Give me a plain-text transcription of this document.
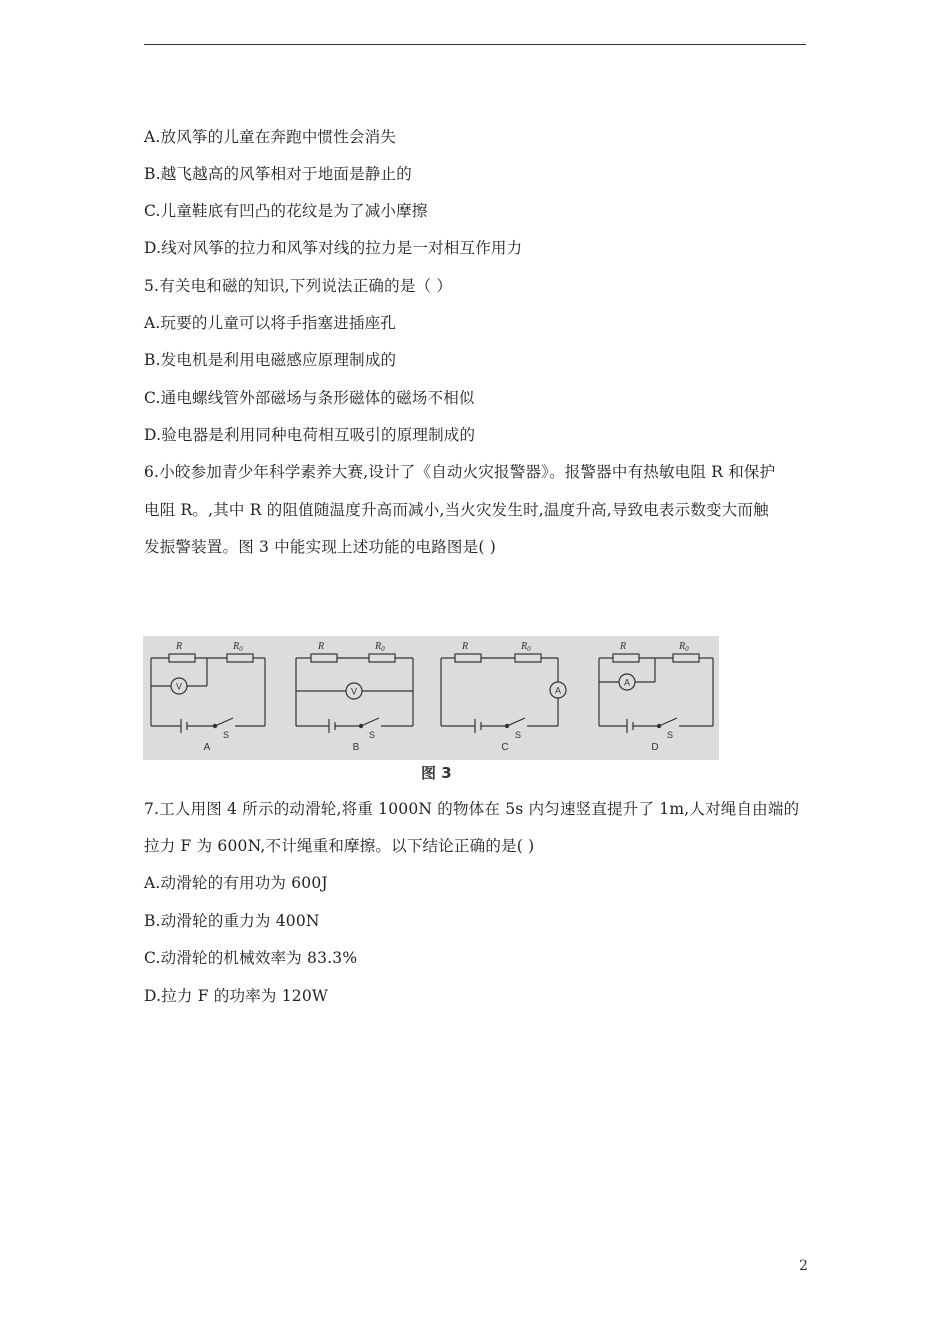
A.放风筝的儿童在奔跑中惯性会消失
B.越飞越高的风筝相对于地面是静止的
C.儿童鞋底有凹凸的花纹是为了减小摩擦
D.线对风筝的拉力和风筝对线的拉力是一对相互作用力
5.有关电和磁的知识,下列说法正确的是（ ）
A.玩要的儿童可以将手指塞进插座孔
B.发电机是利用电磁感应原理制成的
C.通电螺线管外部磁场与条形磁体的磁场不相似
D.验电器是利用同种电荷相互吸引的原理制成的
6.小皎参加青少年科学素养大赛,设计了《自动火灾报警器》。报警器中有热敏电阻 R 和保护
电阻 R。,其中 R 的阻值随温度升高而减小,当火灾发生时,温度升高,导致电表示数变大而触
发振警装置。图 3 中能实现上述功能的电路图是( )
R	$R_0$	R	$R_0$	R	$R_0$	R	$R_0$
V	V	A
A
S	S	S	S
A	B	C	D
图 3
7.工人用图 4 所示的动滑轮,将重 1000N 的物体在 5s 内匀速竖直提升了 1m,人对绳自由端的
拉力 F 为 600N,不计绳重和摩擦。以下结论正确的是( )
A.动滑轮的有用功为 600J
B.动滑轮的重力为 400N
C.动滑轮的机械效率为 83.3%
D.拉力 F 的功率为 120W
2
